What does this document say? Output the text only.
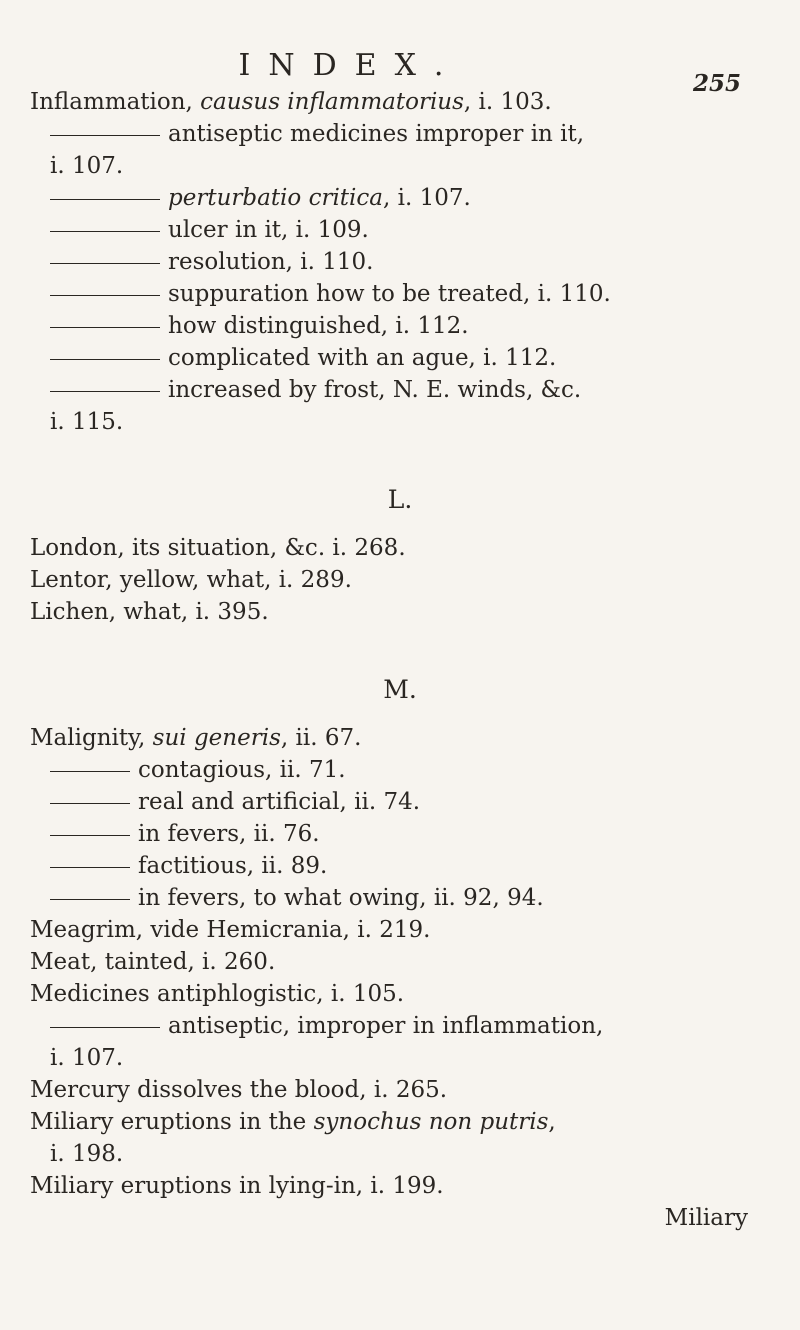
INDEX.
255
Inflammation, causus inflammatorius, i. 103.
antiseptic medicines improper in it,
i. 107.
perturbatio critica, i. 107.
ulcer in it, i. 109.
resolution, i. 110.
suppuration how to be treated, i. 110.
how distinguished, i. 112.
complicated with an ague, i. 112.
increased by frost, N. E. winds, &c.
i. 115.
L.
London, its situation, &c. i. 268.
Lentor, yellow, what, i. 289.
Lichen, what, i. 395.
M.
Malignity, sui generis, ii. 67.
contagious, ii. 71.
real and artificial, ii. 74.
in fevers, ii. 76.
factitious, ii. 89.
in fevers, to what owing, ii. 92, 94.
Meagrim, vide Hemicrania, i. 219.
Meat, tainted, i. 260.
Medicines antiphlogistic, i. 105.
antiseptic, improper in inflammation,
i. 107.
Mercury dissolves the blood, i. 265.
Miliary eruptions in the synochus non putris,
i. 198.
Miliary eruptions in lying-in, i. 199.
Miliary
